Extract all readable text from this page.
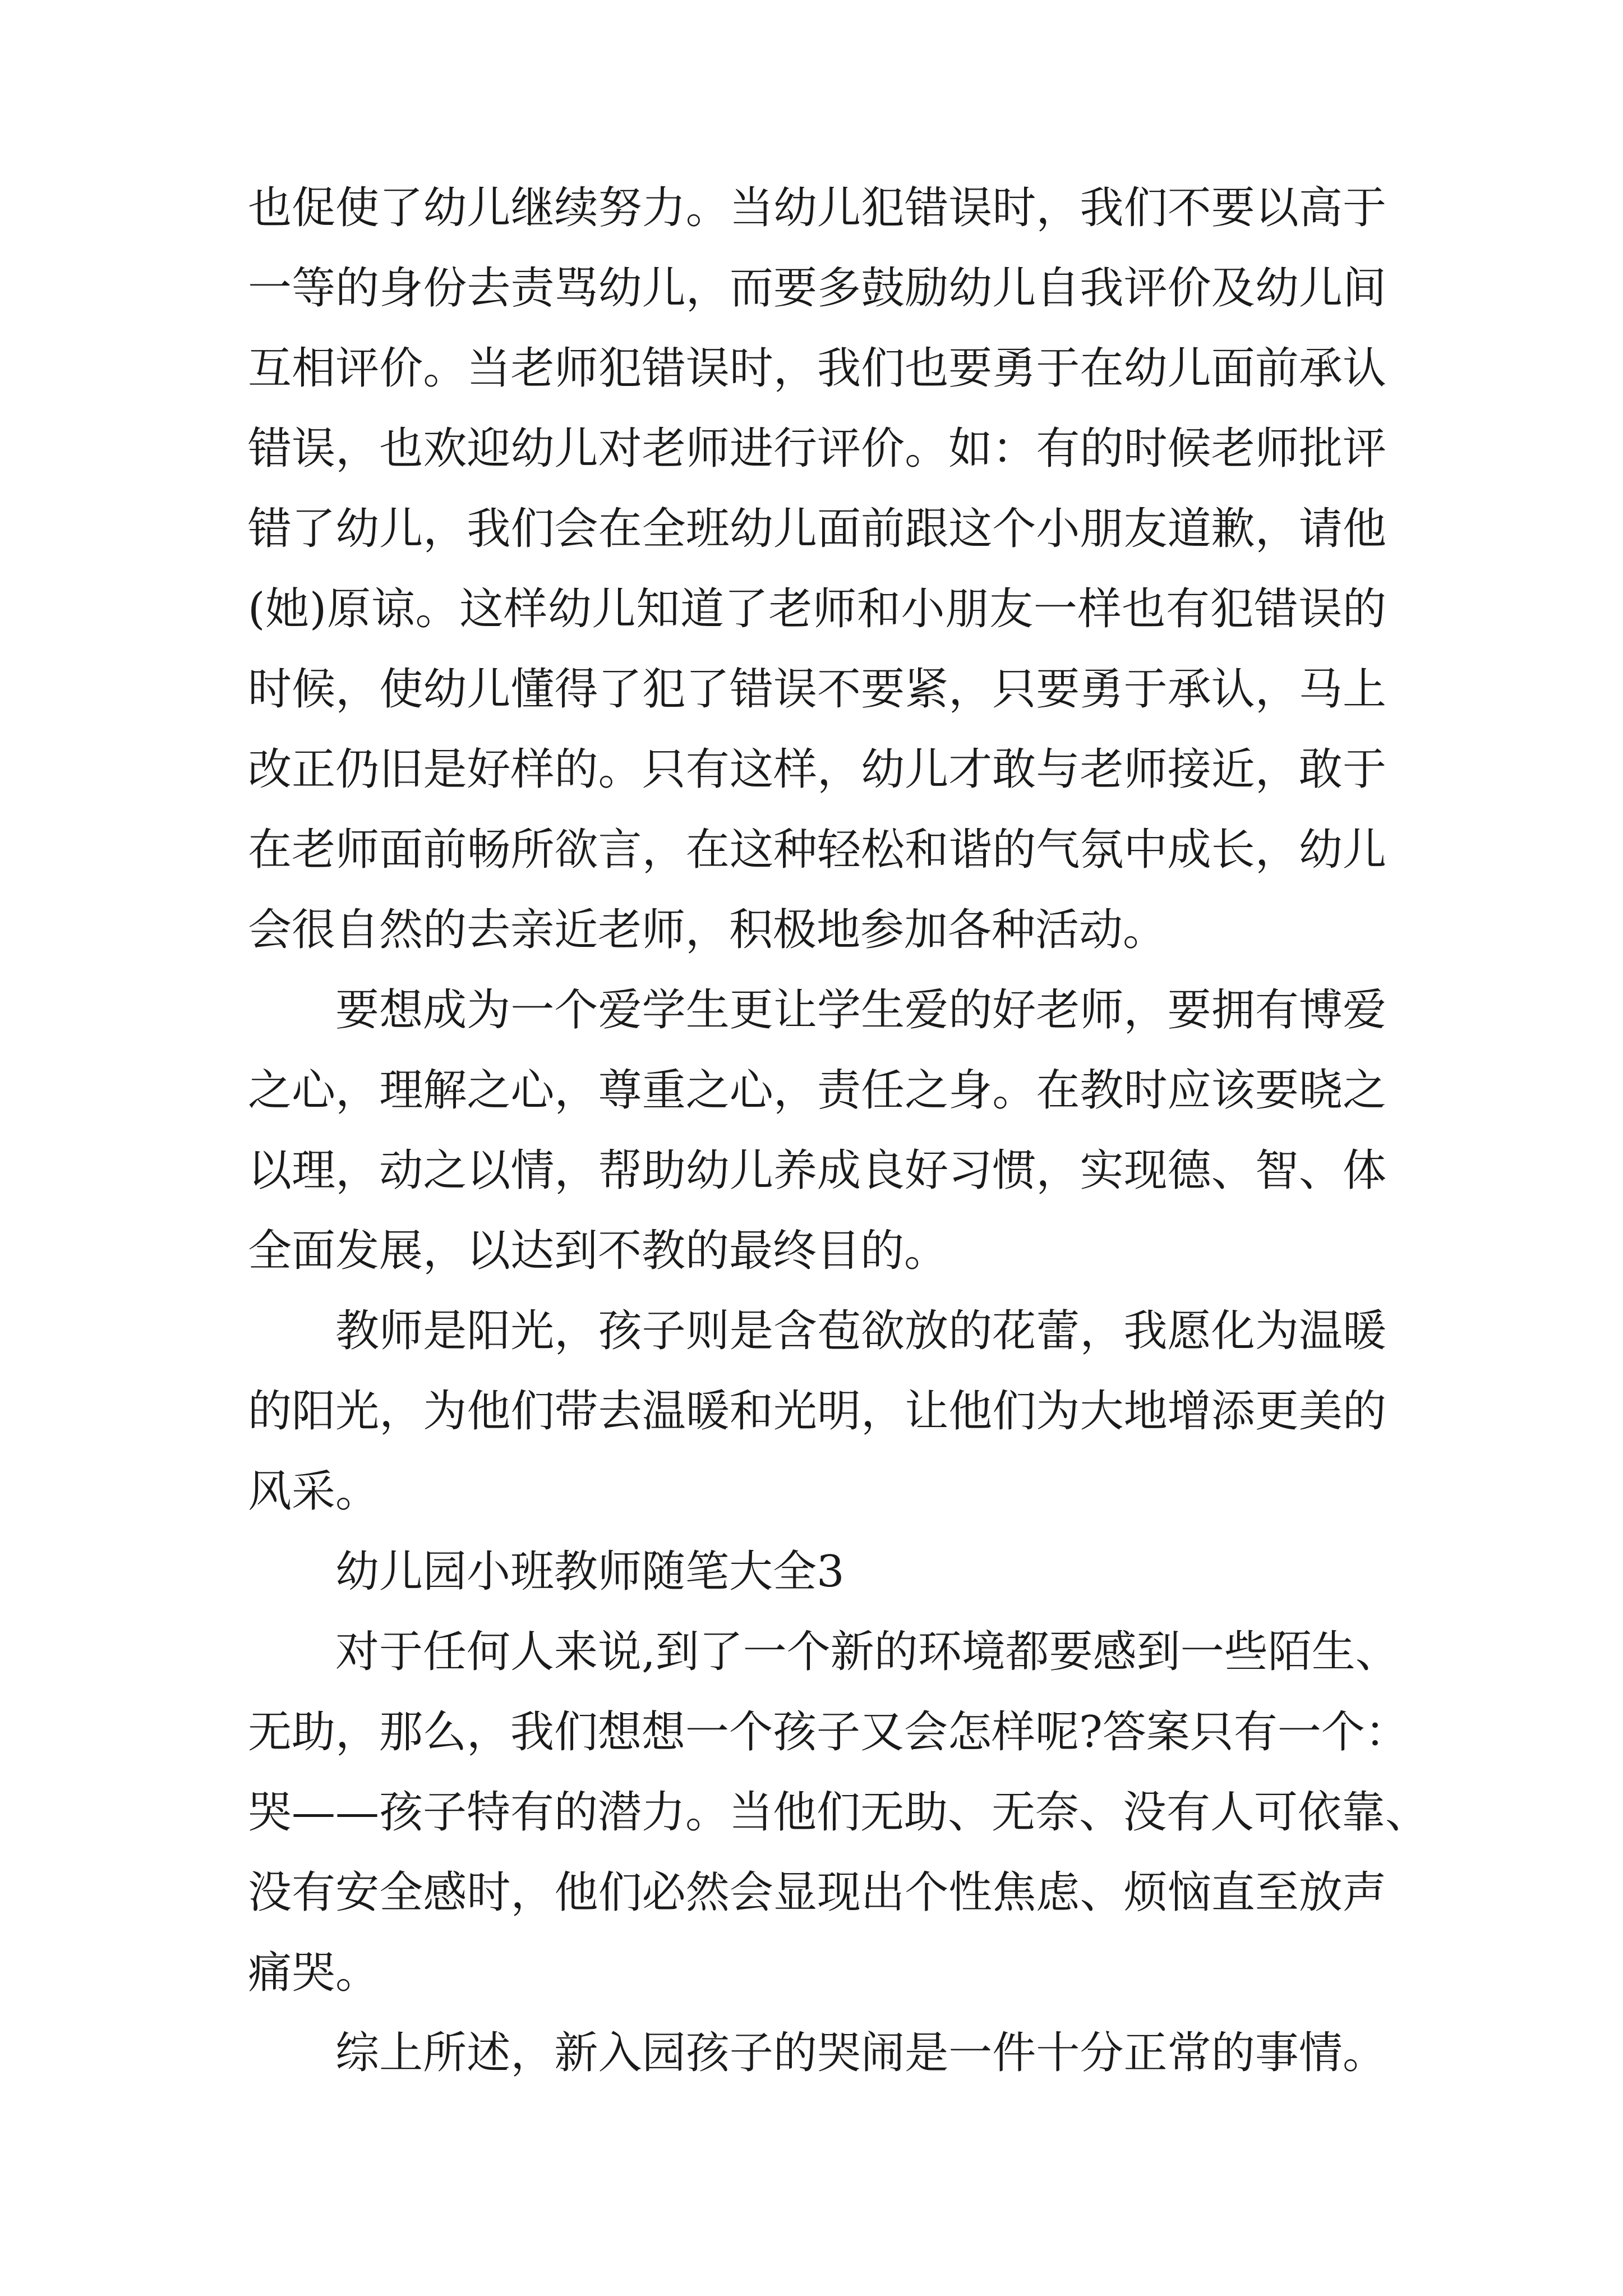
也促使了幼儿继续努力。当幼儿犯错误时，我们不要以高于
一等的身份去责骂幼儿，而要多鼓励幼儿自我评价及幼儿间
互相评价。当老师犯错误时，我们也要勇于在幼儿面前承认
错误，也欢迎幼儿对老师进行评价。如：有的时候老师批评
错了幼儿，我们会在全班幼儿面前跟这个小朋友道歉，请他
(她)原谅。这样幼儿知道了老师和小朋友一样也有犯错误的
时候，使幼儿懂得了犯了错误不要紧，只要勇于承认，马上
改正仍旧是好样的。只有这样，幼儿才敢与老师接近，敢于
在老师面前畅所欲言，在这种轻松和谐的气氛中成长，幼儿
会很自然的去亲近老师，积极地参加各种活动。
要想成为一个爱学生更让学生爱的好老师，要拥有博爱
之心，理解之心，尊重之心，责任之身。在教时应该要晓之
以理，动之以情，帮助幼儿养成良好习惯，实现德、智、体
全面发展，以达到不教的最终目的。
教师是阳光，孩子则是含苞欲放的花蕾，我愿化为温暖
的阳光，为他们带去温暖和光明，让他们为大地增添更美的
风采。
幼儿园小班教师随笔大全3
对于任何人来说,到了一个新的环境都要感到一些陌生、
无助，那么，我们想想一个孩子又会怎样呢?答案只有一个：
哭——孩子特有的潜力。当他们无助、无奈、没有人可依靠、
没有安全感时，他们必然会显现出个性焦虑、烦恼直至放声
痛哭。
综上所述，新入园孩子的哭闹是一件十分正常的事情。
